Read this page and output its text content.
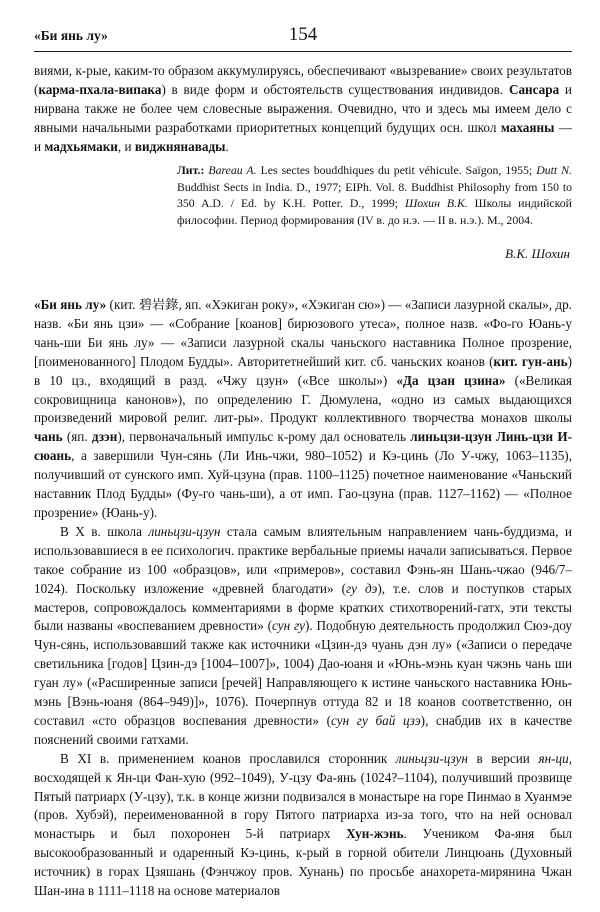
«Би янь лу»	154

виями, к-рые, каким-то образом аккумулируясь, обеспечивают «вызревание» своих результатов (карма-пхала-випака) в виде форм и обстоятельств существования индивидов. Сансара и нирвана также не более чем словесные выражения. Очевидно, что и здесь мы имеем дело с явными начальными разработками приоритетных концепций будущих осн. школ махаяны — и мадхьямаки, и виджнянавады.

Лит.: Bareau A. Les sectes bouddhiques du petit véhicule. Saïgon, 1955; Dutt N. Buddhist Sects in India. D., 1977; EIPh. Vol. 8. Buddhist Philosophy from 150 to 350 A.D. / Ed. by K.H. Potter. D., 1999; Шохин В.К. Школы индийской философии. Период формирования (IV в. до н.э. — II в. н.э.). М., 2004.

В.К. Шохин

«Би янь лу» (кит. 碧岩錄, яп. «Хэкиган року», «Хэкиган сю») — «Записи лазурной скалы», др. назв. «Би янь цзи» — «Собрание [коанов] бирюзового утеса», полное назв. «Фо-го Юань-у чань-ши Би янь лу» — «Записи лазурной скалы чаньского наставника Полное прозрение, [поименованного] Плодом Будды». Авторитетнейший кит. сб. чаньских коанов (кит. гун-ань) в 10 цз., входящий в разд. «Чжу цзун» («Все школы») «Да цзан цзина» («Великая сокровищница канонов»), по определению Г. Дюмулена, «одно из самых выдающихся произведений мировой религ. лит-ры». Продукт коллективного творчества монахов школы чань (яп. дзэн), первоначальный импульс к-рому дал основатель линьцзи-цзун Линь-цзи И-сюань, а завершили Чун-сянь (Ли Инь-чжи, 980–1052) и Кэ-цинь (Ло У-чжу, 1063–1135), получивший от сунского имп. Хуй-цзуна (прав. 1100–1125) почетное наименование «Чаньский наставник Плод Будды» (Фу-го чань-ши), а от имп. Гао-цзуна (прав. 1127–1162) — «Полное прозрение» (Юань-у).

В X в. школа линьцзи-цзун стала самым влиятельным направлением чань-буддизма, и использовавшиеся в ее психологич. практике вербальные приемы начали записываться. Первое такое собрание из 100 «образцов», или «примеров», составил Фэнь-ян Шань-чжао (946/7–1024). Поскольку изложение «древней благодати» (гу дэ), т.е. слов и поступков старых мастеров, сопровождалось комментариями в форме кратких стихотворений-гатх, эти тексты были названы «воспеванием древности» (сун гу). Подобную деятельность продолжил Сюэ-доу Чун-сянь, использовавший также как источники «Цзин-дэ чуань дэн лу» («Записи о передаче светильника [годов] Цзин-дэ [1004–1007]», 1004) Дао-юаня и «Юнь-мэнь куан чжэнь чань ши гуан лу» («Расширенные записи [речей] Направляющего к истине чаньского наставника Юнь-мэнь [Вэнь-юаня (864–949)]», 1076). Почерпнув оттуда 82 и 18 коанов соответственно, он составил «сто образцов воспевания древности» (сун гу бай цзэ), снабдив их в качестве пояснений своими гатхами.

В XI в. применением коанов прославился сторонник линьцзи-цзун в версии ян-ци, восходящей к Ян-ци Фан-хую (992–1049), У-цзу Фа-янь (1024?–1104), получивший прозвище Пятый патриарх (У-цзу), т.к. в конце жизни подвизался в монастыре на горе Пинмао в Хуанмэе (пров. Хубэй), переименованной в гору Пятого патриарха из-за того, что на ней основал монастырь и был похоронен 5-й патриарх Хун-жэнь. Учеником Фа-яня был высокообразованный и одаренный Кэ-цинь, к-рый в горной обители Линцюань (Духовный источник) в горах Цзяшань (Фэнчжоу пров. Хунань) по просьбе анахорета-мирянина Чжан Шан-ина в 1111–1118 на основе материалов
